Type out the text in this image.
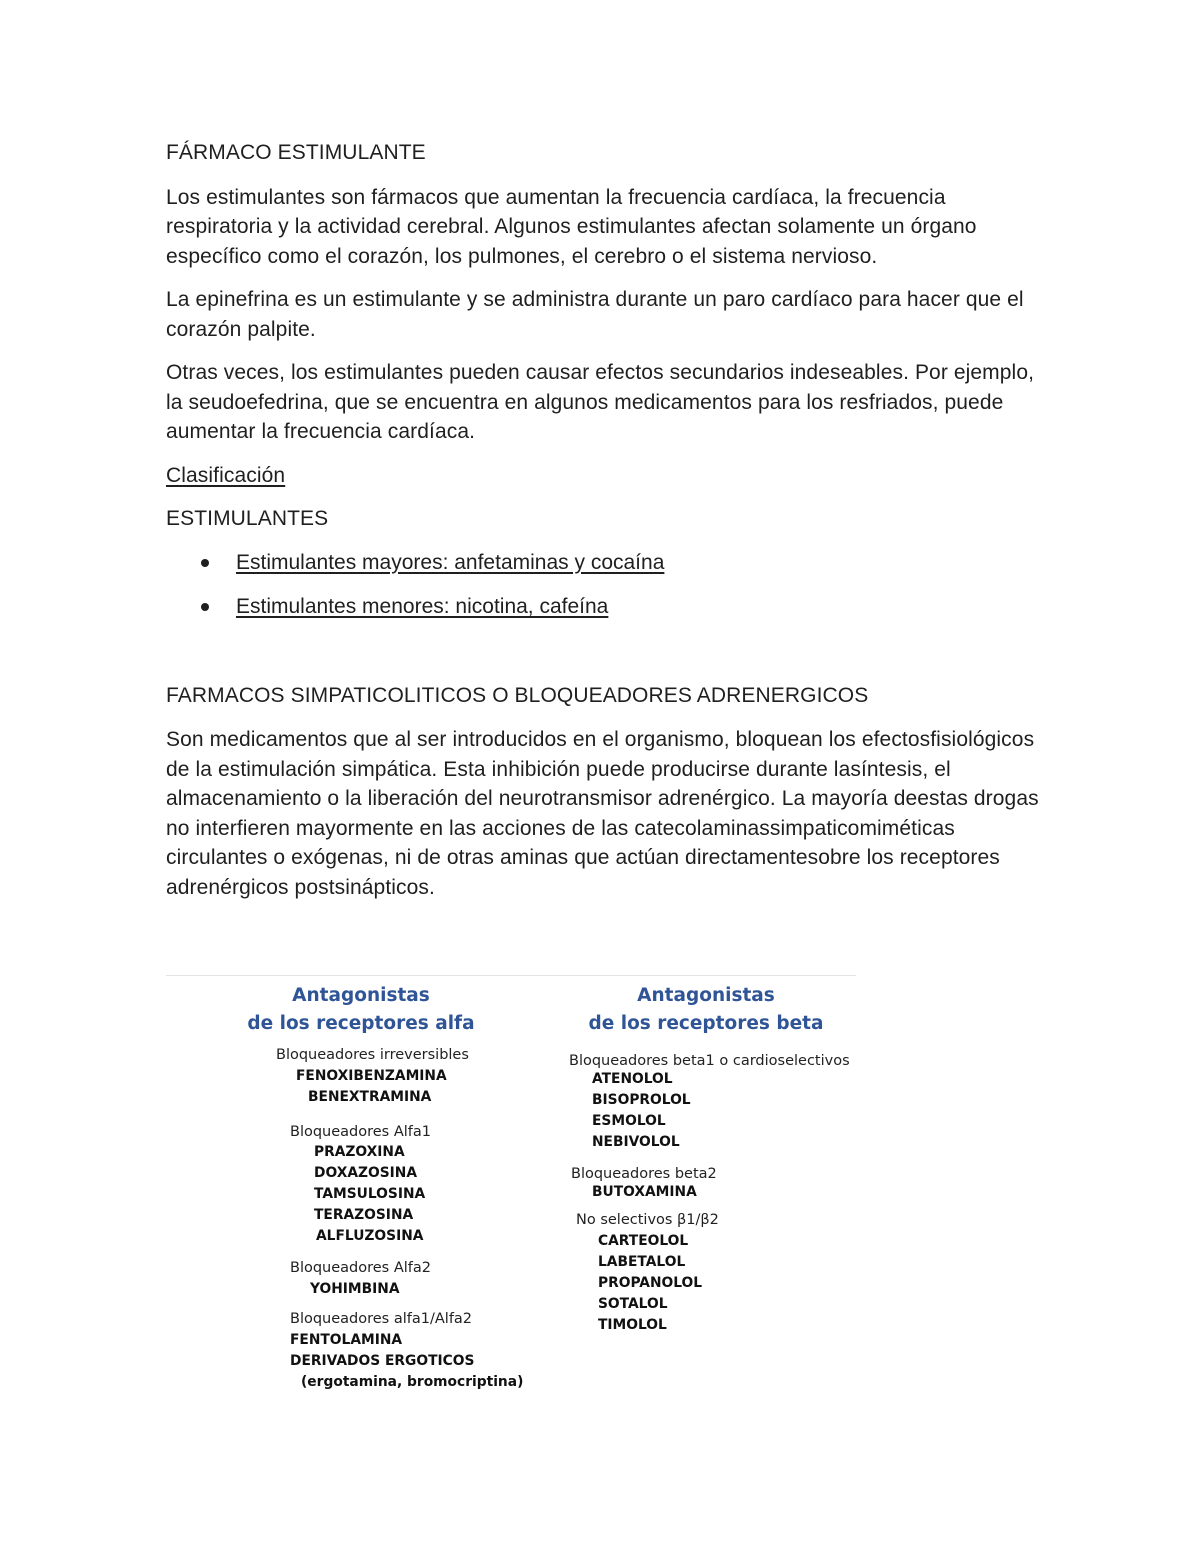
FÁRMACO ESTIMULANTE

Los estimulantes son fármacos que aumentan la frecuencia cardíaca, la frecuencia respiratoria y la actividad cerebral. Algunos estimulantes afectan solamente un órgano específico como el corazón, los pulmones, el cerebro o el sistema nervioso.

La epinefrina es un estimulante y se administra durante un paro cardíaco para hacer que el corazón palpite.

Otras veces, los estimulantes pueden causar efectos secundarios indeseables. Por ejemplo, la seudoefedrina, que se encuentra en algunos medicamentos para los resfriados, puede aumentar la frecuencia cardíaca.

Clasificación

ESTIMULANTES

Estimulantes mayores: anfetaminas y cocaína
Estimulantes menores: nicotina, cafeína

FARMACOS SIMPATICOLITICOS O BLOQUEADORES ADRENERGICOS

Son medicamentos que al ser introducidos en el organismo, bloquean los efectosfisiológicos de la estimulación simpática. Esta inhibición puede producirse durante lasíntesis, el almacenamiento o la liberación del neurotransmisor adrenérgico. La mayoría deestas drogas no interfieren mayormente en las acciones de las catecolaminassimpaticomiméticas circulantes o exógenas, ni de otras aminas que actúan directamentesobre los receptores adrenérgicos postsinápticos.

Antagonistas
de los receptores alfa
Bloqueadores irreversibles
FENOXIBENZAMINA
BENEXTRAMINA
Bloqueadores Alfa1
PRAZOXINA
DOXAZOSINA
TAMSULOSINA
TERAZOSINA
ALFLUZOSINA
Bloqueadores Alfa2
YOHIMBINA
Bloqueadores alfa1/Alfa2
FENTOLAMINA
DERIVADOS ERGOTICOS
(ergotamina, bromocriptina)
Antagonistas
de los receptores beta
Bloqueadores beta1 o cardioselectivos
ATENOLOL
BISOPROLOL
ESMOLOL
NEBIVOLOL
Bloqueadores beta2
BUTOXAMINA
No selectivos β1/β2
CARTEOLOL
LABETALOL
PROPANOLOL
SOTALOL
TIMOLOL
